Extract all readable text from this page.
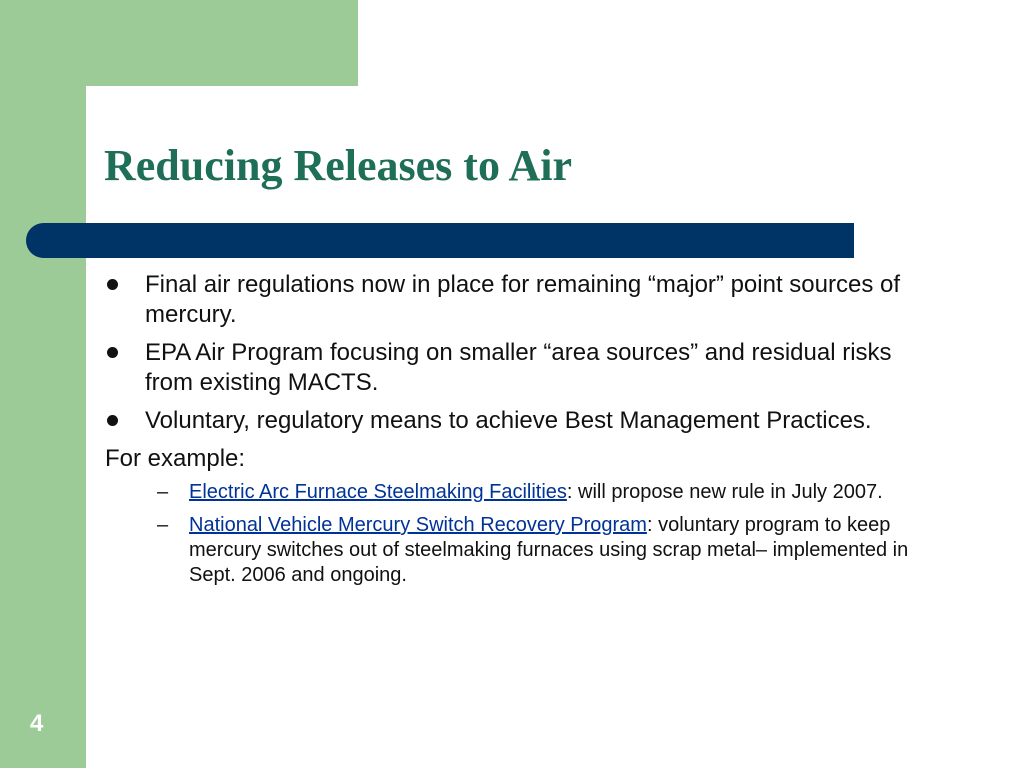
Reducing Releases to Air
Final air regulations now in place for remaining “major” point sources of mercury.
EPA Air Program focusing on smaller “area sources” and residual risks from existing MACTS.
Voluntary, regulatory means to achieve Best Management Practices.
For example:
– Electric Arc Furnace Steelmaking Facilities: will propose new rule in July 2007.
– National Vehicle Mercury Switch Recovery Program: voluntary program to keep mercury switches out of steelmaking furnaces using scrap metal– implemented in Sept. 2006 and ongoing.
4
